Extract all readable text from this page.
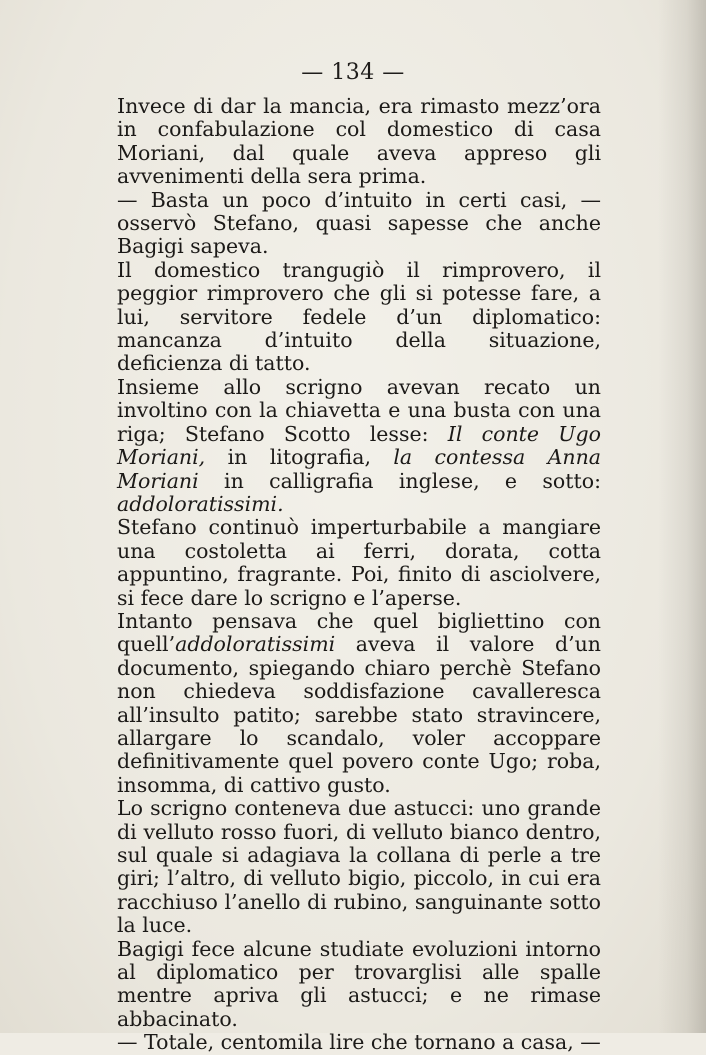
— 134 —

Invece di dar la mancia, era rimasto mezz’ora in confabulazione col domestico di casa Moriani, dal quale aveva appreso gli avvenimenti della sera prima.

— Basta un poco d’intuito in certi casi, — osservò Stefano, quasi sapesse che anche Bagigi sapeva.

Il domestico trangugiò il rimprovero, il peggior rimprovero che gli si potesse fare, a lui, servitore fedele d’un diplomatico: mancanza d’intuito della situazione, deficienza di tatto.

Insieme allo scrigno avevan recato un involtino con la chiavetta e una busta con una riga; Stefano Scotto lesse: Il conte Ugo Moriani, in litografia, la contessa Anna Moriani in calligrafia inglese, e sotto: addoloratissimi.

Stefano continuò imperturbabile a mangiare una costoletta ai ferri, dorata, cotta appuntino, fragrante. Poi, finito di asciolvere, si fece dare lo scrigno e l’aperse.

Intanto pensava che quel bigliettino con quell’addoloratissimi aveva il valore d’un documento, spiegando chiaro perchè Stefano non chiedeva soddisfazione cavalleresca all’insulto patito; sarebbe stato stravincere, allargare lo scandalo, voler accoppare definitivamente quel povero conte Ugo; roba, insomma, di cattivo gusto.

Lo scrigno conteneva due astucci: uno grande di velluto rosso fuori, di velluto bianco dentro, sul quale si adagiava la collana di perle a tre giri; l’altro, di velluto bigio, piccolo, in cui era racchiuso l’anello di rubino, sanguinante sotto la luce.

Bagigi fece alcune studiate evoluzioni intorno al diplomatico per trovarglisi alle spalle mentre apriva gli astucci; e ne rimase abbacinato.

— Totale, centomila lire che tornano a casa, —
